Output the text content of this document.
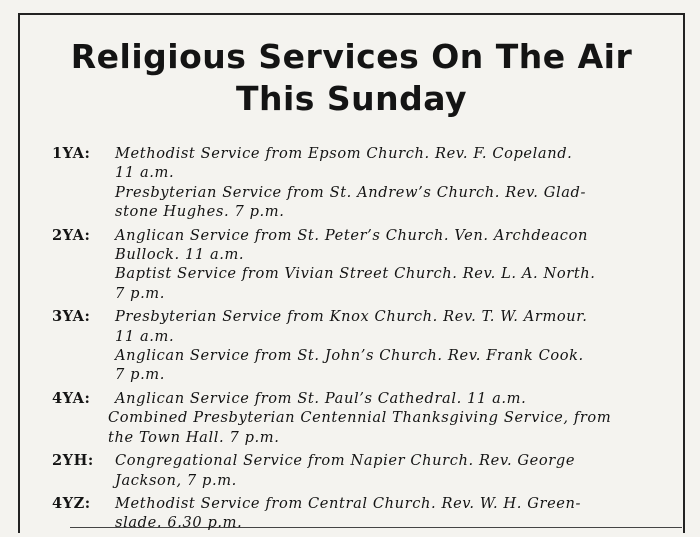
Religious Services On The Air
This Sunday
1YA: Methodist Service from Epsom Church. Rev. F. Copeland.
11 a.m.

Presbyterian Service from St. Andrew’s Church. Rev. Glad-
stone Hughes. 7 p.m.

2YA: Anglican Service from St. Peter’s Church. Ven. Archdeacon
Bullock. 11 a.m.

Baptist Service from Vivian Street Church. Rev. L. A. North.
7 p.m.

3YA: Presbyterian Service from Knox Church. Rev. T. W. Armour.
11 a.m.

Anglican Service from St. John’s Church. Rev. Frank Cook.
7 p.m.

4YA: Anglican Service from St. Paul’s Cathedral. 11 a.m.

Combined Presbyterian Centennial Thanksgiving Service, from
the Town Hall. 7 p.m.

2YH: Congregational Service from Napier Church. Rev. George
Jackson, 7 p.m.

4YZ: Methodist Service from Central Church. Rev. W. H. Green-
slade. 6.30 p.m.
